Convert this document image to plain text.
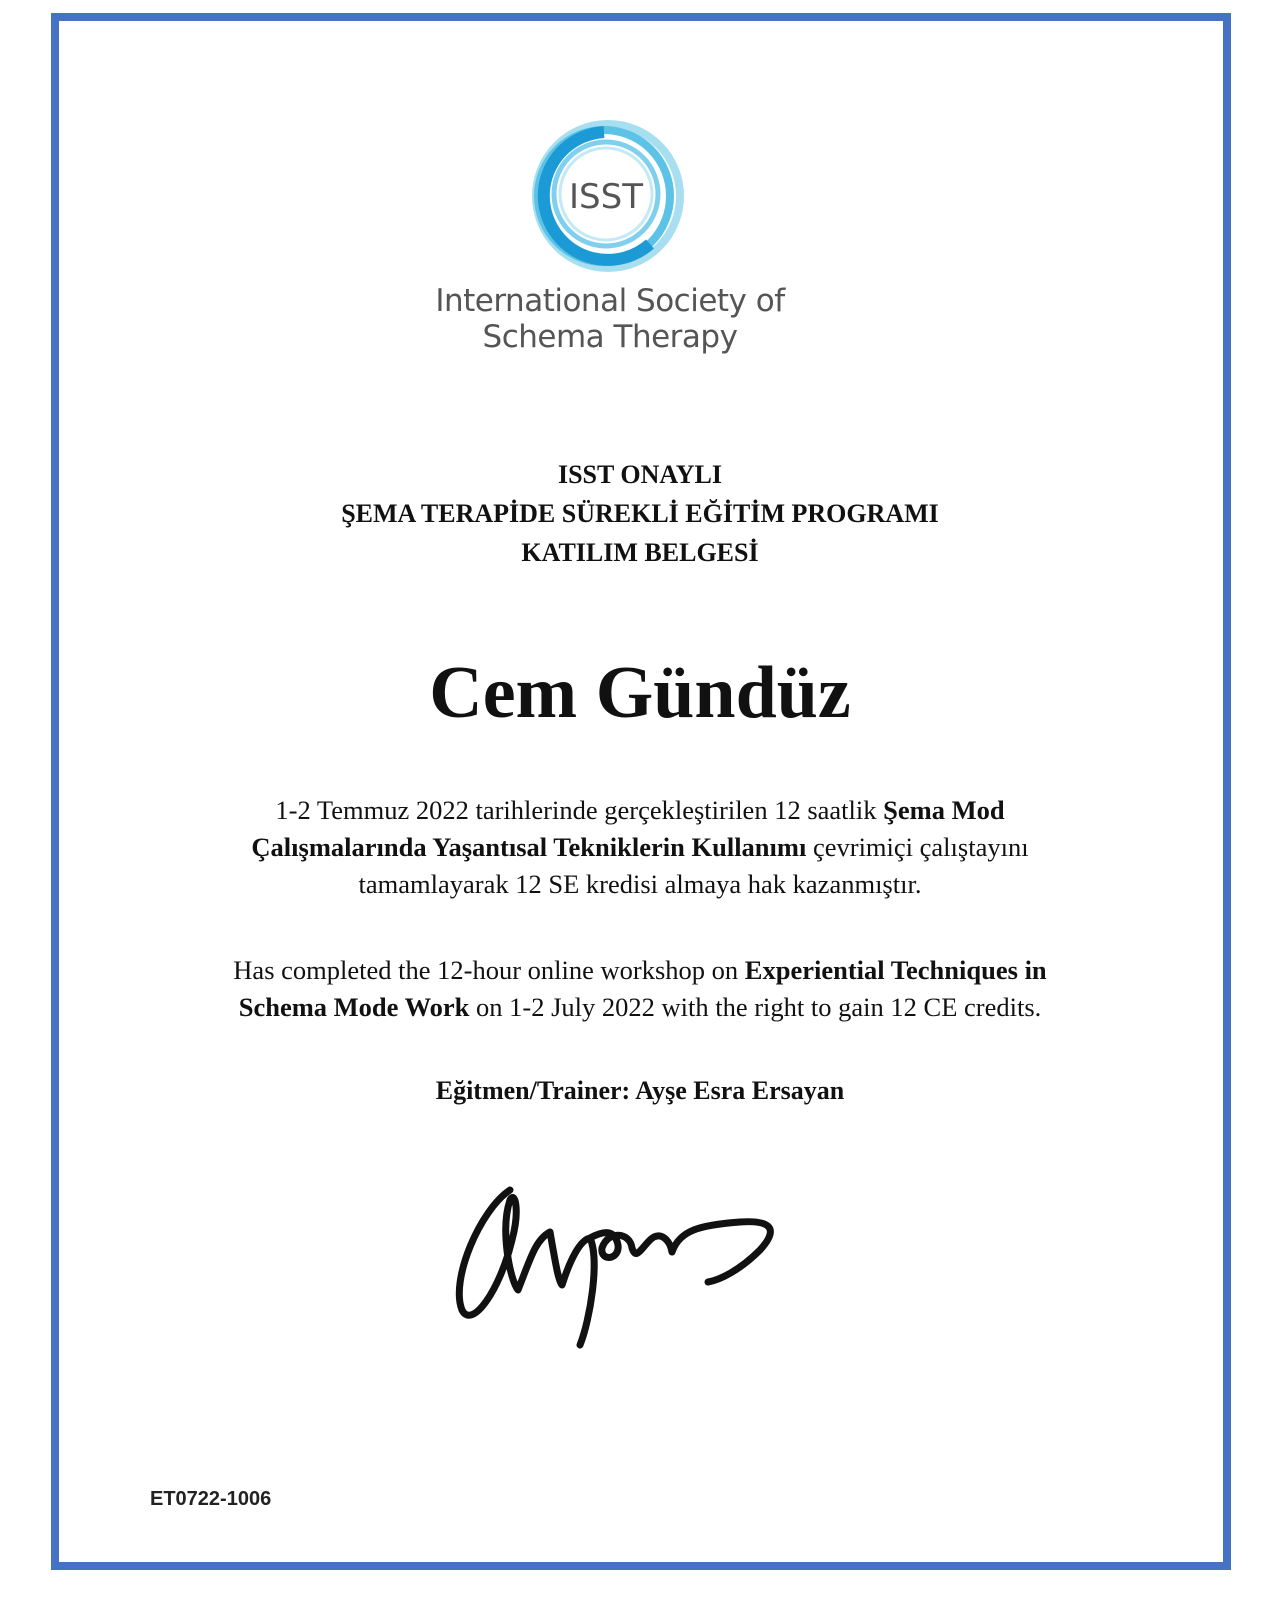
ISST
International Society of
Schema Therapy
ISST ONAYLI
ŞEMA TERAPİDE SÜREKLİ EĞİTİM PROGRAMI
KATILIM BELGESİ
Cem Gündüz
1-2 Temmuz 2022 tarihlerinde gerçekleştirilen 12 saatlik Şema Mod Çalışmalarında Yaşantısal Tekniklerin Kullanımı çevrimiçi çalıştayını tamamlayarak 12 SE kredisi almaya hak kazanmıştır.
Has completed the 12-hour online workshop on Experiential Techniques in Schema Mode Work on 1-2 July 2022 with the right to gain 12 CE credits.
Eğitmen/Trainer: Ayşe Esra Ersayan
ET0722-1006
